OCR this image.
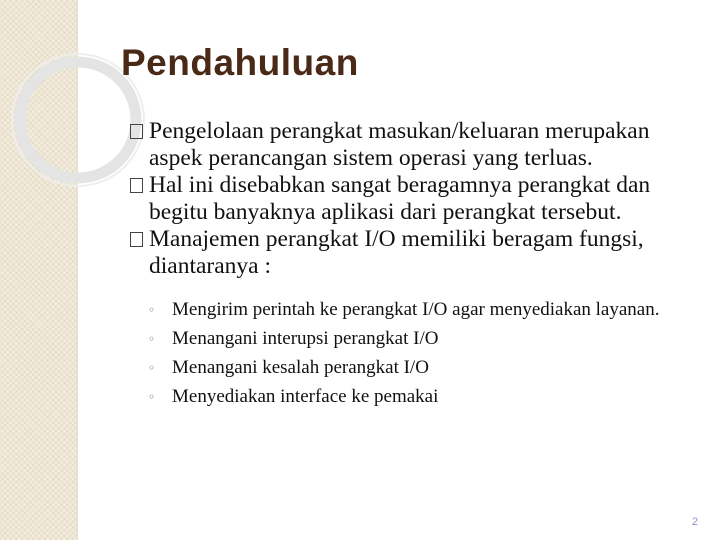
Pendahuluan
Pengelolaan perangkat masukan/keluaran merupakan aspek perancangan sistem operasi yang terluas.
Hal ini disebabkan sangat beragamnya perangkat dan begitu banyaknya aplikasi dari perangkat tersebut.
Manajemen perangkat I/O memiliki beragam fungsi, diantaranya :
◦ Mengirim perintah ke perangkat I/O agar menyediakan layanan.
◦ Menangani interupsi perangkat I/O
◦ Menangani kesalah perangkat I/O
◦ Menyediakan interface ke pemakai
2
